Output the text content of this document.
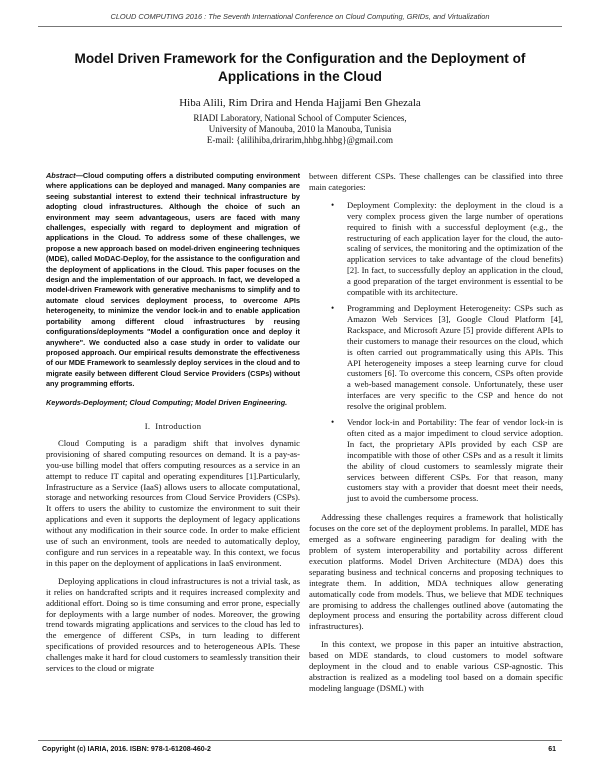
CLOUD COMPUTING 2016 : The Seventh International Conference on Cloud Computing, GRIDs, and Virtualization
Model Driven Framework for the Configuration and the Deployment of Applications in the Cloud
Hiba Alili, Rim Drira and Henda Hajjami Ben Ghezala
RIADI Laboratory, National School of Computer Sciences,
University of Manouba, 2010 la Manouba, Tunisia
E-mail: {alilihiba,drirarim,hhbg.hhbg}@gmail.com

Abstract—Cloud computing offers a distributed computing environment where applications can be deployed and managed. Many companies are seeing substantial interest to extend their technical infrastructure by adopting cloud infrastructures. Although the choice of such an environment may seem advantageous, users are faced with many challenges, especially with regard to deployment and migration of applications in the Cloud. To address some of these challenges, we propose a new approach based on model-driven engineering techniques (MDE), called MoDAC-Deploy, for the assistance to the configuration and the deployment of applications in the Cloud. This paper focuses on the design and the implementation of our approach. In fact, we developed a model-driven Framework with generative mechanisms to simplify and to automate cloud services deployment process, to overcome APIs heterogeneity, to minimize the vendor lock-in and to enable application portability among different cloud infrastructures by reusing configurations/deployments "Model a configuration once and deploy it anywhere". We conducted also a case study in order to validate our proposed approach. Our empirical results demonstrate the effectiveness of our MDE Framework to seamlessly deploy services in the cloud and to migrate easily between different Cloud Service Providers (CSPs) without any programming efforts.

Keywords-Deployment; Cloud Computing; Model Driven Engineering.

I. Introduction

Cloud Computing is a paradigm shift that involves dynamic provisioning of shared computing resources on demand. It is a pay-as-you-use billing model that offers computing resources as a service in an attempt to reduce IT capital and operating expenditures [1].Particularly, Infrastructure as a Service (IaaS) allows users to allocate computational, storage and networking resources from Cloud Service Providers (CSPs). It offers to users the ability to customize the environment to suit their applications and even it supports the deployment of legacy applications without any modification in their source code. In order to make efficient use of such an environment, tools are needed to automatically deploy, configure and run services in a repeatable way. In this context, we focus in this paper on the deployment of applications in IaaS environment.

Deploying applications in cloud infrastructures is not a trivial task, as it relies on handcrafted scripts and it requires increased complexity and additional effort. Doing so is time consuming and error prone, especially for deployments with a large number of nodes. Moreover, the growing trend towards migrating applications and services to the cloud has led to the emergence of different CSPs, in turn leading to different specifications of provided resources and to heterogeneous APIs. These challenges make it hard for cloud customers to seamlessly transition their services to the cloud or migrate

between different CSPs. These challenges can be classified into three main categories:

• Deployment Complexity: the deployment in the cloud is a very complex process given the large number of operations required to finish with a successful deployment (e.g., the restructuring of each application layer for the cloud, the auto-scaling of services, the monitoring and the optimization of the application services to take advantage of the cloud benefits) [2]. In fact, to successfully deploy an application in the cloud, a good preparation of the target environment is essential to be compatible with its architecture.
• Programming and Deployment Heterogeneity: CSPs such as Amazon Web Services [3], Google Cloud Platform [4], Rackspace, and Microsoft Azure [5] provide different APIs to their customers to manage their resources on the cloud, which is often carried out programmatically using this APIs. This API heterogeneity imposes a steep learning curve for cloud customers [6]. To overcome this concern, CSPs often provide a web-based management console. Unfortunately, these user interfaces are very specific to the CSP and hence do not resolve the original problem.
• Vendor lock-in and Portability: The fear of vendor lock-in is often cited as a major impediment to cloud service adoption. In fact, the proprietary APIs provided by each CSP are incompatible with those of other CSPs and as a result it limits the ability of cloud customers to seamlessly migrate their services between different CSPs. For that reason, many customers stay with a provider that doesnt meet their needs, just to avoid the cumbersome process.

Addressing these challenges requires a framework that holistically focuses on the core set of the deployment problems. In parallel, MDE has emerged as a software engineering paradigm for dealing with the problem of system interoperability and portability across different execution platforms. Model Driven Architecture (MDA) does this separating business and technical concerns and proposing techniques to integrate them. In addition, MDA techniques allow generating automatically code from models. Thus, we believe that MDE techniques are promising to address the challenges outlined above (automating the deployment process and ensuring the portability across different cloud infrastructures).

In this context, we propose in this paper an intuitive abstraction, based on MDE standards, to cloud customers to model software deployment in the cloud and to enable various CSP-agnostic. This abstraction is realized as a modeling tool based on a domain specific modeling language (DSML) with

Copyright (c) IARIA, 2016. ISBN: 978-1-61208-460-2	61
